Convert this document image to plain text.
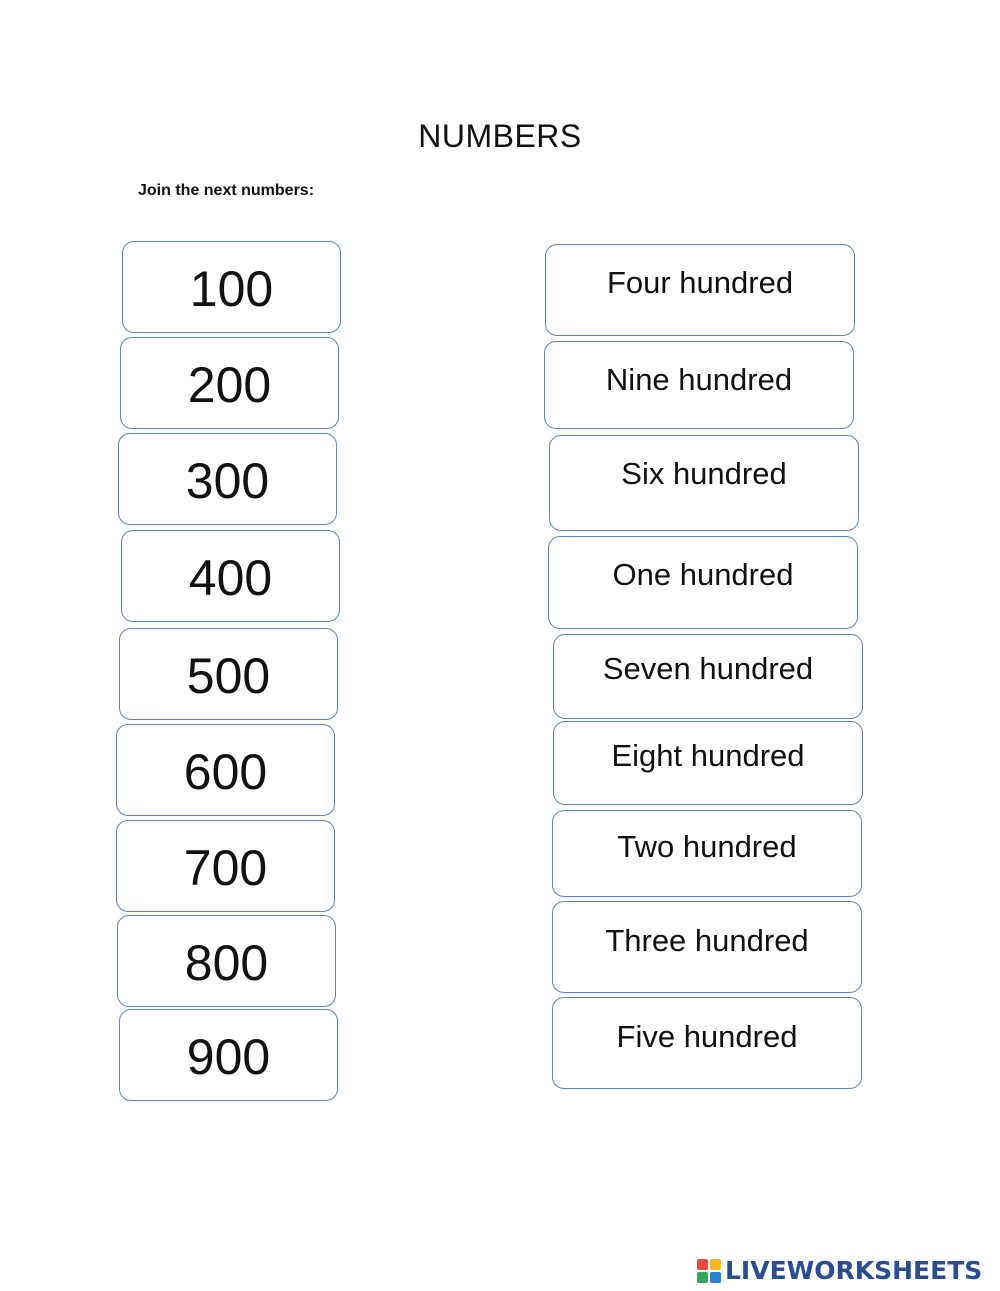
NUMBERS
Join the next numbers:
100
200
300
400
500
600
700
800
900
Four hundred
Nine hundred
Six hundred
One hundred
Seven hundred
Eight hundred
Two hundred
Three hundred
Five hundred
LIVEWORKSHEETS
